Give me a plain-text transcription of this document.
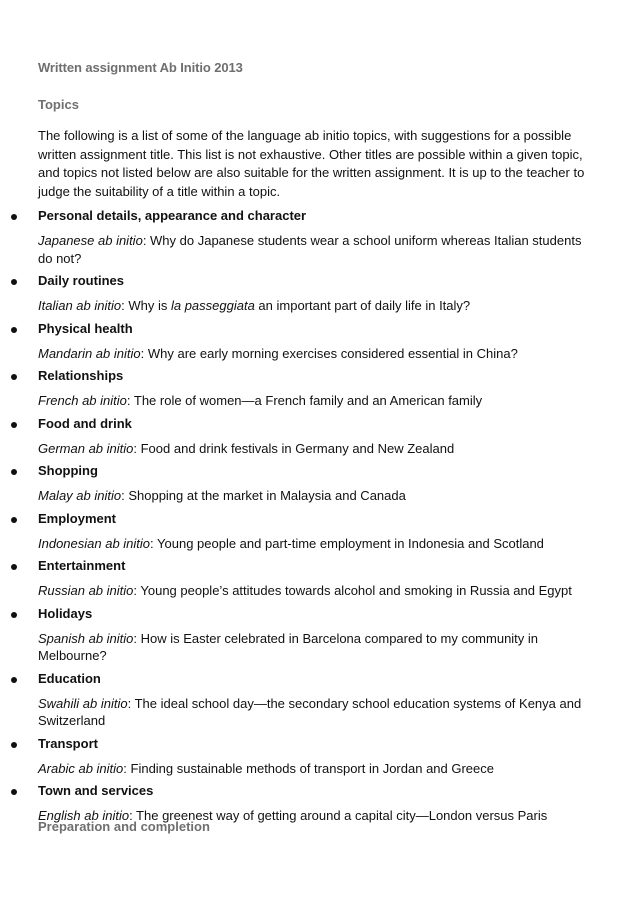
Written assignment Ab Initio 2013
Topics
The following is a list of some of the language ab initio topics, with suggestions for a possible written assignment title. This list is not exhaustive. Other titles are possible within a given topic, and topics not listed below are also suitable for the written assignment. It is up to the teacher to judge the suitability of a title within a topic.
Personal details, appearance and character
Japanese ab initio: Why do Japanese students wear a school uniform whereas Italian students do not?
Daily routines
Italian ab initio: Why is la passeggiata an important part of daily life in Italy?
Physical health
Mandarin ab initio: Why are early morning exercises considered essential in China?
Relationships
French ab initio: The role of women—a French family and an American family
Food and drink
German ab initio: Food and drink festivals in Germany and New Zealand
Shopping
Malay ab initio: Shopping at the market in Malaysia and Canada
Employment
Indonesian ab initio: Young people and part-time employment in Indonesia and Scotland
Entertainment
Russian ab initio: Young people’s attitudes towards alcohol and smoking in Russia and Egypt
Holidays
Spanish ab initio: How is Easter celebrated in Barcelona compared to my community in Melbourne?
Education
Swahili ab initio: The ideal school day—the secondary school education systems of Kenya and Switzerland
Transport
Arabic ab initio: Finding sustainable methods of transport in Jordan and Greece
Town and services
English ab initio: The greenest way of getting around a capital city—London versus Paris
Preparation and completion
